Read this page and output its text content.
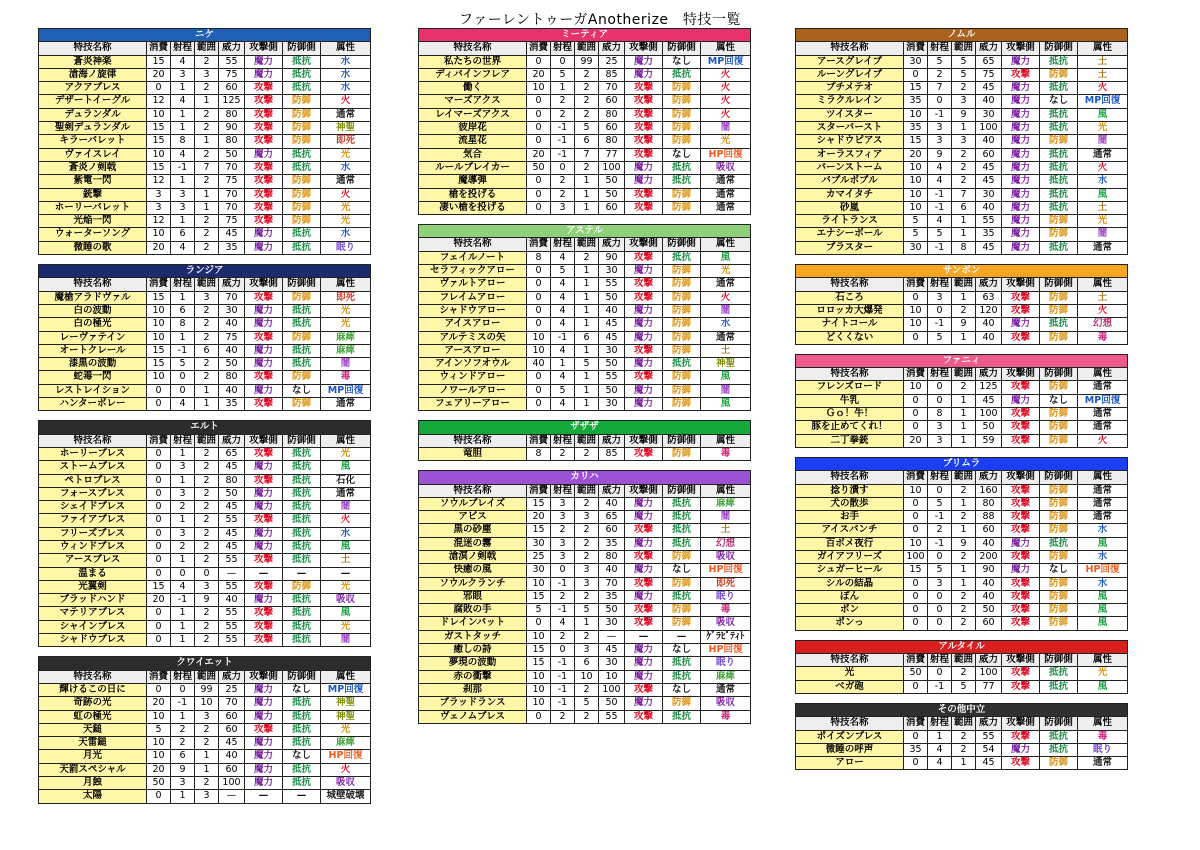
ファーレントゥーガAnotherize　特技一覧
ニケ							
特技名称	消費	射程	範囲	威力	攻撃側	防御側	属性
蒼炎神楽	15	4	2	55	魔力	抵抗	水
滄海ノ旋律	20	3	3	75	魔力	抵抗	水
アクアブレス	0	1	2	60	攻撃	抵抗	水
デザートイーグル	12	4	1	125	攻撃	防御	火
デュランダル	10	1	2	80	攻撃	防御	通常
聖剣デュランダル	15	1	2	90	攻撃	防御	神聖
キラーバレット	15	8	1	80	攻撃	防御	即死
ヴァイスレイ	10	4	2	50	魔力	抵抗	光
蒼炎ノ剣戟	15	-1	7	70	攻撃	抵抗	水
紫電一閃	12	1	2	75	攻撃	防御	通常
銃撃	3	3	1	70	攻撃	防御	火
ホーリーバレット	3	3	1	70	攻撃	防御	光
光焔一閃	12	1	2	75	攻撃	防御	光
ウォーターソング	10	6	2	45	魔力	抵抗	水
微睡の歌	20	4	2	35	魔力	抵抗	眠り
ランジア							
特技名称	消費	射程	範囲	威力	攻撃側	防御側	属性
魔槍アラドヴァル	15	1	3	70	攻撃	防御	即死
白の波動	10	6	2	30	魔力	抵抗	光
白の極光	10	8	2	40	魔力	抵抗	光
レーヴァテイン	10	1	2	75	攻撃	防御	麻痺
オートクレール	15	-1	6	40	魔力	抵抗	麻痺
漆黒の波動	15	5	2	50	魔力	抵抗	闇
蛇毒一閃	10	0	2	80	攻撃	防御	毒
レストレイション	0	0	1	40	魔力	なし	MP回復
ハンターボレー	0	4	1	35	攻撃	防御	通常
エルト							
特技名称	消費	射程	範囲	威力	攻撃側	防御側	属性
ホーリーブレス	0	1	2	65	攻撃	抵抗	光
ストームブレス	0	3	2	45	魔力	抵抗	風
ペトロブレス	0	1	2	80	攻撃	抵抗	石化
フォースブレス	0	3	2	50	魔力	抵抗	通常
シェイドブレス	0	2	2	45	魔力	抵抗	闇
ファイアブレス	0	1	2	55	攻撃	抵抗	火
フリーズブレス	0	3	2	45	魔力	抵抗	水
ウィンドブレス	0	2	2	45	魔力	抵抗	風
アースブレス	0	1	2	55	攻撃	抵抗	土
温まる	0	0	0	—	—	—	—
光翼剣	15	4	3	55	攻撃	防御	光
ブラッドハンド	20	-1	9	40	魔力	抵抗	吸収
マテリアブレス	0	1	2	55	攻撃	抵抗	風
シャインブレス	0	1	2	55	攻撃	抵抗	光
シャドウブレス	0	1	2	55	攻撃	抵抗	闇
クワイエット							
特技名称	消費	射程	範囲	威力	攻撃側	防御側	属性
輝けるこの日に	0	0	99	25	魔力	なし	MP回復
奇跡の光	20	-1	10	70	魔力	抵抗	神聖
虹の極光	10	1	3	60	魔力	抵抗	神聖
天鎚	5	2	2	60	攻撃	抵抗	光
天雷鎚	10	2	2	45	魔力	抵抗	麻痺
月光	10	6	1	40	魔力	なし	HP回復
天罰スペシャル	20	9	1	60	魔力	抵抗	火
月蝕	50	3	2	100	魔力	抵抗	吸収
太陽	0	1	3	—	—	—	城壁破壊
ミーティア							
特技名称	消費	射程	範囲	威力	攻撃側	防御側	属性
私たちの世界	0	0	99	25	魔力	なし	MP回復
ディバインフレア	20	5	2	85	魔力	抵抗	火
働く	10	1	2	70	攻撃	防御	火
マーズアクス	0	2	2	60	攻撃	防御	火
レイマーズアクス	0	2	2	80	攻撃	防御	火
彼岸花	0	-1	5	60	攻撃	防御	闇
流星花	0	-1	6	80	攻撃	防御	光
気合	20	-1	7	77	攻撃	なし	HP回復
ルールブレイカー	50	0	2	100	魔力	抵抗	吸収
魔導弾	0	2	1	50	魔力	抵抗	通常
槍を投げる	0	2	1	50	攻撃	防御	通常
凄い槍を投げる	0	3	1	60	攻撃	防御	通常
アステル							
特技名称	消費	射程	範囲	威力	攻撃側	防御側	属性
フェイルノート	8	4	2	90	攻撃	抵抗	風
セラフィックアロー	0	5	1	30	魔力	防御	光
ヴァルトアロー	0	4	1	55	攻撃	防御	通常
フレイムアロー	0	4	1	50	攻撃	防御	火
シャドウアロー	0	4	1	40	魔力	防御	闇
アイスアロー	0	4	1	45	魔力	防御	水
アルテミスの矢	10	-1	6	45	魔力	防御	通常
アースアロー	10	4	1	30	攻撃	防御	土
アインソフオウル	40	1	5	50	魔力	抵抗	神聖
ウィンドアロー	0	4	1	55	攻撃	防御	風
ノワールアロー	0	5	1	50	魔力	防御	闇
フェアリーアロー	0	4	1	30	魔力	防御	風
ザザザ							
特技名称	消費	射程	範囲	威力	攻撃側	防御側	属性
竜胆	8	2	2	85	攻撃	防御	毒
カリハ							
特技名称	消費	射程	範囲	威力	攻撃側	防御側	属性
ソウルブレイズ	15	3	2	40	魔力	抵抗	麻痺
アビス	20	3	3	65	魔力	抵抗	闇
黒の砂塵	15	2	2	60	攻撃	抵抗	土
混迷の霧	30	3	2	35	魔力	抵抗	幻想
滄溟ノ剣戟	25	3	2	80	攻撃	防御	吸収
快癒の風	30	0	3	40	魔力	なし	HP回復
ソウルクランチ	10	-1	3	70	攻撃	防御	即死
邪眼	15	2	2	35	魔力	抵抗	眠り
腐敗の手	5	-1	5	50	攻撃	防御	毒
ドレインバット	0	4	1	30	攻撃	防御	吸収
ガストタッチ	10	2	2	—	—	—	ｹﾞﾗﾋﾟﾃｨﾄ
癒しの詩	15	0	3	45	魔力	なし	HP回復
夢現の波動	15	-1	6	30	魔力	抵抗	眠り
赤の衝撃	10	-1	10	10	魔力	抵抗	麻痺
刹那	10	-1	2	100	攻撃	なし	通常
ブラッドランス	10	-1	5	50	魔力	防御	吸収
ヴェノムブレス	0	2	2	55	攻撃	抵抗	毒
ノムル							
特技名称	消費	射程	範囲	威力	攻撃側	防御側	属性
アースグレイブ	30	5	5	65	魔力	抵抗	土
ルーングレイブ	0	2	5	75	攻撃	防御	土
プチメテオ	15	7	2	45	魔力	抵抗	火
ミラクルレイン	35	0	3	40	魔力	なし	MP回復
ツイスター	10	-1	9	30	魔力	抵抗	風
スターバースト	35	3	1	100	魔力	抵抗	光
シャドウピアス	15	3	3	40	魔力	防御	闇
オーラスフィア	20	9	2	60	魔力	抵抗	通常
バーンストーム	10	4	2	45	魔力	抵抗	火
バブルボブル	10	4	2	45	魔力	抵抗	水
カマイタチ	10	-1	7	30	魔力	抵抗	風
砂嵐	10	-1	6	40	魔力	抵抗	土
ライトランス	5	4	1	55	魔力	防御	光
エナシーボール	5	5	1	35	魔力	防御	闇
ブラスター	30	-1	8	45	魔力	抵抗	通常
サンボン							
特技名称	消費	射程	範囲	威力	攻撃側	防御側	属性
石ころ	0	3	1	63	攻撃	防御	土
ロロッカ大爆発	10	0	2	120	攻撃	防御	火
ナイトコール	10	-1	9	40	魔力	抵抗	幻想
どくくない	0	5	1	40	攻撃	防御	毒
ファニィ							
特技名称	消費	射程	範囲	威力	攻撃側	防御側	属性
フレンズロード	10	0	2	125	攻撃	防御	通常
牛乳	0	0	1	45	魔力	なし	MP回復
Ｇｏ！牛！	0	8	1	100	攻撃	防御	通常
豚を止めてくれ！	0	3	1	50	攻撃	防御	通常
二丁拳銃	20	3	1	59	攻撃	防御	火
プリムラ							
特技名称	消費	射程	範囲	威力	攻撃側	防御側	属性
捻り潰す	10	0	2	160	攻撃	防御	通常
犬の散歩	0	5	1	80	攻撃	防御	通常
お手	0	-1	2	88	攻撃	防御	通常
アイスパンチ	0	2	1	60	攻撃	防御	水
百ボメ夜行	10	-1	9	40	魔力	抵抗	風
ガイアフリーズ	100	0	2	200	攻撃	防御	水
シュガーヒール	15	5	1	90	魔力	なし	HP回復
シルの結晶	0	3	1	40	攻撃	防御	水
ぽん	0	0	2	40	攻撃	防御	風
ポン	0	0	2	50	攻撃	防御	風
ポンっ	0	0	2	60	攻撃	防御	風
アルタイル							
特技名称	消費	射程	範囲	威力	攻撃側	防御側	属性
光	50	0	2	100	攻撃	抵抗	光
べガ砲	0	-1	5	77	攻撃	抵抗	風
その他中立							
特技名称	消費	射程	範囲	威力	攻撃側	防御側	属性
ポイズンブレス	0	1	2	55	攻撃	抵抗	毒
微睡の呼声	35	4	2	54	魔力	抵抗	眠り
アロー	0	4	1	45	攻撃	防御	通常
